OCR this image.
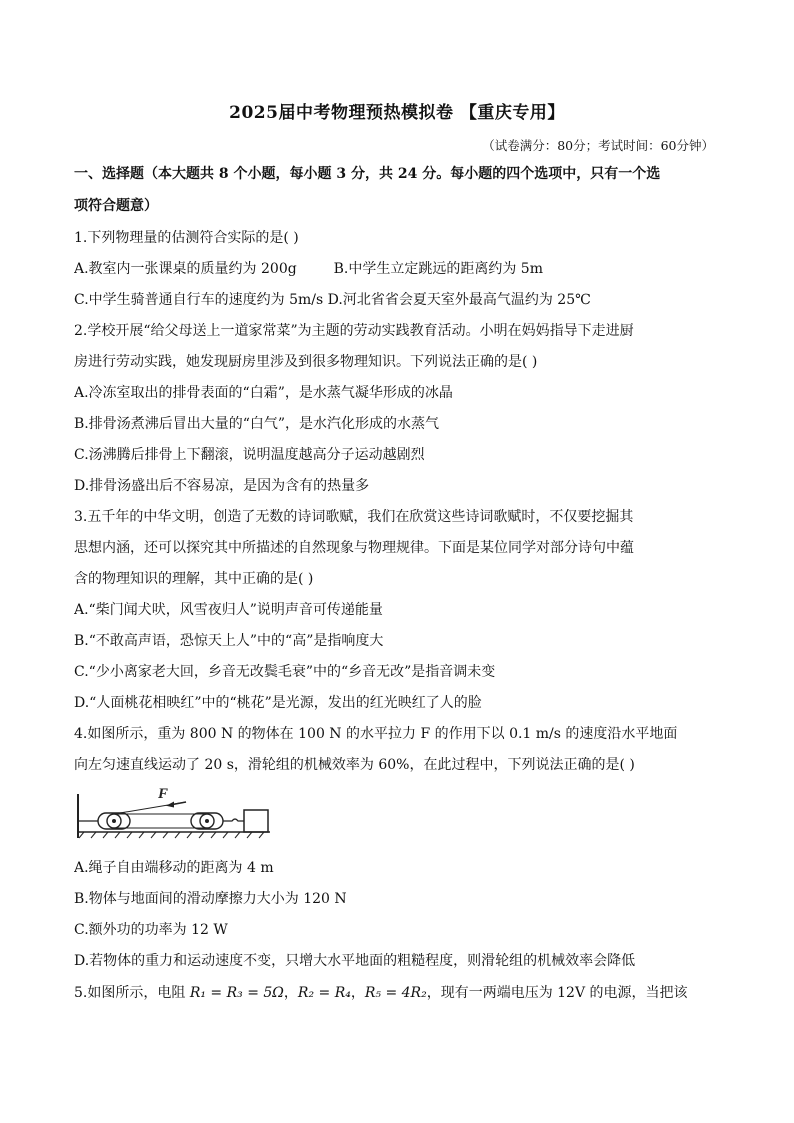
2025届中考物理预热模拟卷 【重庆专用】
（试卷满分：80分；考试时间：60分钟）
一、选择题（本大题共 8 个小题，每小题 3 分，共 24 分。每小题的四个选项中，只有一个选
项符合题意）
1.下列物理量的估测符合实际的是( )
A.教室内一张课桌的质量约为 200g	B.中学生立定跳远的距离约为 5m
C.中学生骑普通自行车的速度约为 5m/s D.河北省省会夏天室外最高气温约为 25℃
2.学校开展“给父母送上一道家常菜”为主题的劳动实践教育活动。小明在妈妈指导下走进厨
房进行劳动实践，她发现厨房里涉及到很多物理知识。下列说法正确的是( )
A.冷冻室取出的排骨表面的“白霜”，是水蒸气凝华形成的冰晶
B.排骨汤煮沸后冒出大量的“白气”，是水汽化形成的水蒸气
C.汤沸腾后排骨上下翻滚，说明温度越高分子运动越剧烈
D.排骨汤盛出后不容易凉，是因为含有的热量多
3.五千年的中华文明，创造了无数的诗词歌赋，我们在欣赏这些诗词歌赋时，不仅要挖掘其
思想内涵，还可以探究其中所描述的自然现象与物理规律。下面是某位同学对部分诗句中蕴
含的物理知识的理解，其中正确的是( )
A.“柴门闻犬吠，风雪夜归人”说明声音可传递能量
B.“不敢高声语，恐惊天上人”中的“高”是指响度大
C.“少小离家老大回，乡音无改鬓毛衰”中的“乡音无改”是指音调未变
D.“人面桃花相映红”中的“桃花”是光源，发出的红光映红了人的脸
4.如图所示，重为 800 N 的物体在 100 N 的水平拉力 F 的作用下以 0.1 m/s 的速度沿水平地面
向左匀速直线运动了 20 s，滑轮组的机械效率为 60%，在此过程中，下列说法正确的是( )
F
A.绳子自由端移动的距离为 4 m
B.物体与地面间的滑动摩擦力大小为 120 N
C.额外功的功率为 12 W
D.若物体的重力和运动速度不变，只增大水平地面的粗糙程度，则滑轮组的机械效率会降低
5.如图所示，电阻 R₁ = R₃ = 5Ω，R₂ = R₄，R₅ = 4R₂，现有一两端电压为 12V 的电源，当把该
